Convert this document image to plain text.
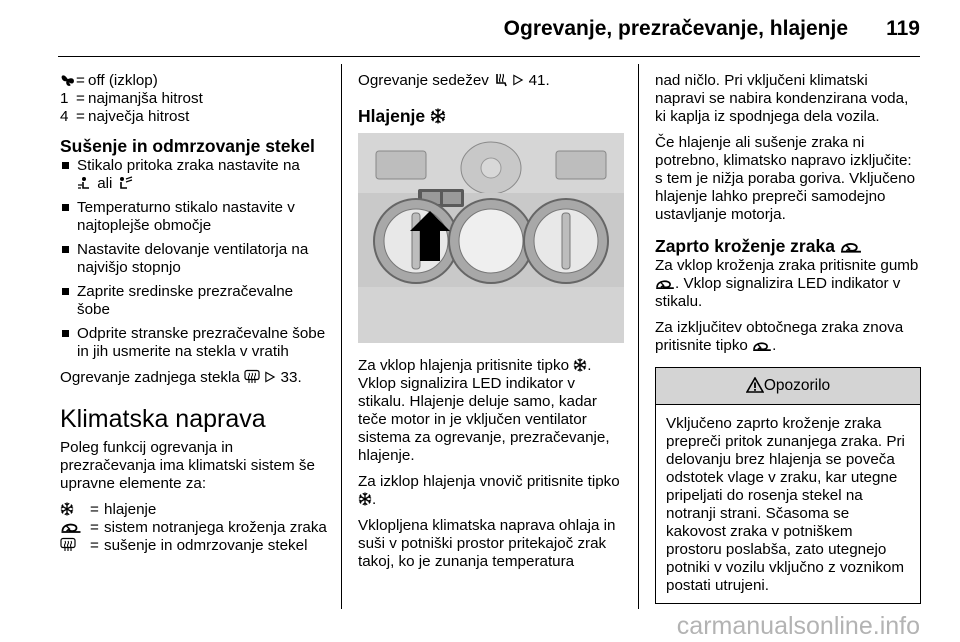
Ogrevanje, prezračevanje, hlajenje 119
= off (izklop)
1 = najmanjša hitrost
4 = največja hitrost
Sušenje in odmrzovanje stekel
Stikalo pritoka zraka nastavite na
ali
Temperaturno stikalo nastavite v najtoplejše območje
Nastavite delovanje ventilatorja na najvišjo stopnjo
Zaprite sredinske prezračevalne šobe
Odprite stranske prezračevalne šobe in jih usmerite na stekla v vratih

Ogrevanje zadnjega stekla	33.

Klimatska naprava

Poleg funkcij ogrevanja in prezračevanja ima klimatski sistem še upravne elemente za:

= hlajenje
= sistem notranjega kroženja zraka
= sušenje in odmrzovanje stekel

Ogrevanje sedežev	41.

Hlajenje

Za vklop hlajenja pritisnite tipko . Vklop signalizira LED indikator v stikalu. Hlajenje deluje samo, kadar teče motor in je vključen ventilator sistema za ogrevanje, prezračevanje, hlajenje.

Za izklop hlajenja vnovič pritisnite tipko .

Vklopljena klimatska naprava ohlaja in suši v potniški prostor pritekajoč zrak takoj, ko je zunanja temperatura

nad ničlo. Pri vključeni klimatski napravi se nabira kondenzirana voda, ki kaplja iz spodnjega dela vozila.

Če hlajenje ali sušenje zraka ni potrebno, klimatsko napravo izključite: s tem je nižja poraba goriva. Vključeno hlajenje lahko prepreči samodejno ustavljanje motorja.

Zaprto kroženje zraka

Za vklop kroženja zraka pritisnite gumb . Vklop signalizira LED indikator v stikalu.

Za izključitev obtočnega zraka znova pritisnite tipko .

Opozorilo
Vključeno zaprto kroženje zraka prepreči pritok zunanjega zraka. Pri delovanju brez hlajenja se poveča odstotek vlage v zraku, kar utegne pripeljati do rosenja stekel na notranji strani. Sčasoma se kakovost zraka v potniškem prostoru poslabša, zato utegnejo potniki v vozilu vključno z voznikom postati utrujeni.
carmanualsonline.info
